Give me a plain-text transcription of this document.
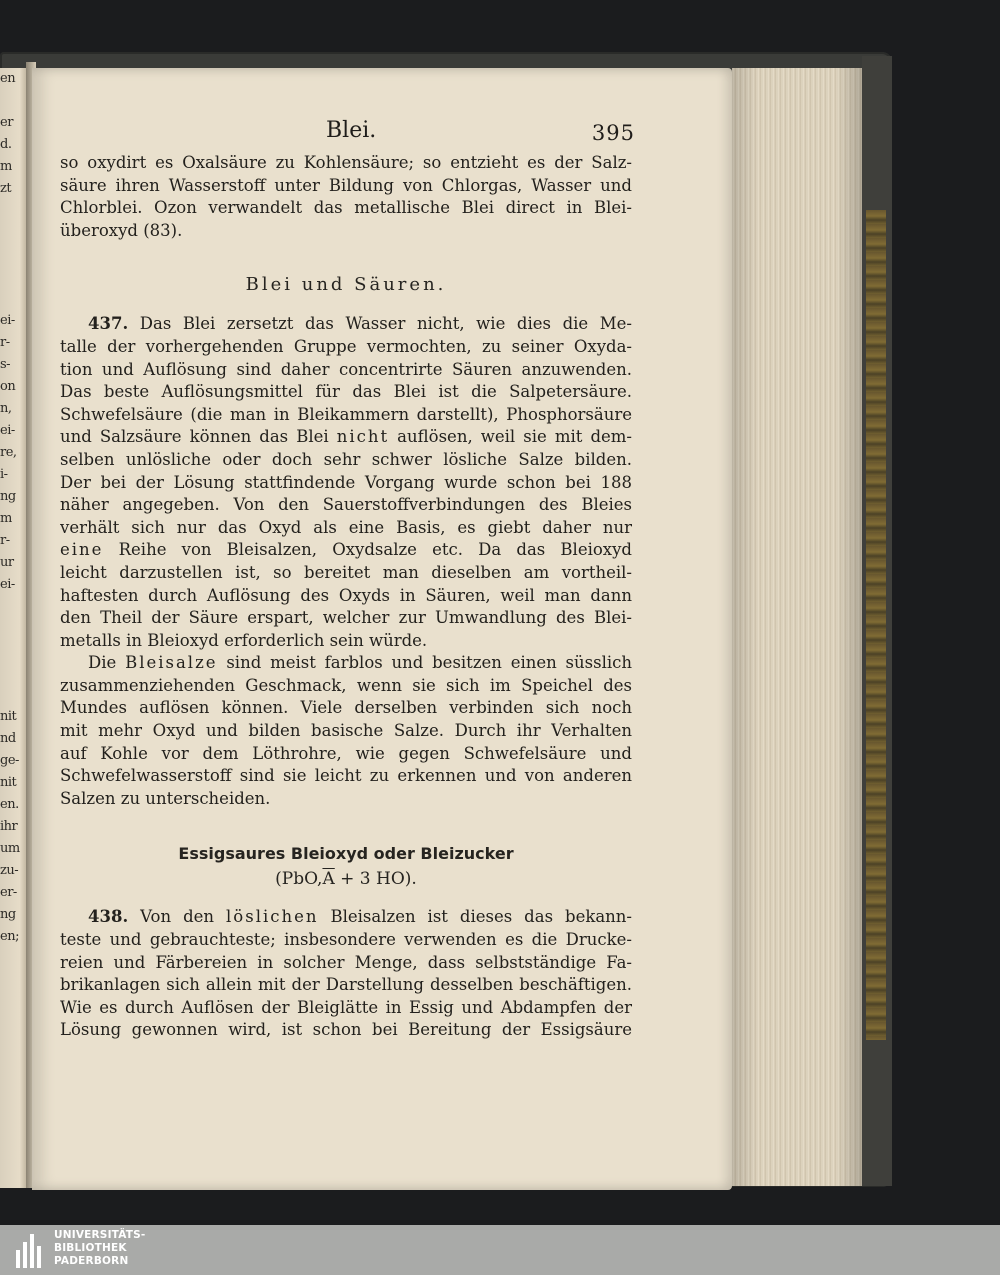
en
er
d.
m
zt
ei-
r-
s-
on
n,
ei-
re,
i-
ng
m
r-
ur
ei-
nit
nd
ge-
nit
en.
ihr
um
zu-
er-
ng
en;
Blei.	395
so oxydirt es Oxalsäure zu Kohlensäure; so entzieht es der Salz-
säure ihren Wasserstoff unter Bildung von Chlorgas, Wasser und
Chlorblei. Ozon verwandelt das metallische Blei direct in Blei-
überoxyd (83).
Blei und Säuren.
437. Das Blei zersetzt das Wasser nicht, wie dies die Me-
talle der vorhergehenden Gruppe vermochten, zu seiner Oxyda-
tion und Auflösung sind daher concentrirte Säuren anzuwenden.
Das beste Auflösungsmittel für das Blei ist die Salpetersäure.
Schwefelsäure (die man in Bleikammern darstellt), Phosphorsäure
und Salzsäure können das Blei nicht auflösen, weil sie mit dem-
selben unlösliche oder doch sehr schwer lösliche Salze bilden.
Der bei der Lösung stattfindende Vorgang wurde schon bei 188
näher angegeben. Von den Sauerstoffverbindungen des Bleies
verhält sich nur das Oxyd als eine Basis, es giebt daher nur
eine Reihe von Bleisalzen, Oxydsalze etc. Da das Bleioxyd
leicht darzustellen ist, so bereitet man dieselben am vortheil-
haftesten durch Auflösung des Oxyds in Säuren, weil man dann
den Theil der Säure erspart, welcher zur Umwandlung des Blei-
metalls in Bleioxyd erforderlich sein würde.
Die Bleisalze sind meist farblos und besitzen einen süsslich
zusammenziehenden Geschmack, wenn sie sich im Speichel des
Mundes auflösen können. Viele derselben verbinden sich noch
mit mehr Oxyd und bilden basische Salze. Durch ihr Verhalten
auf Kohle vor dem Löthrohre, wie gegen Schwefelsäure und
Schwefelwasserstoff sind sie leicht zu erkennen und von anderen
Salzen zu unterscheiden.
Essigsaures Bleioxyd oder Bleizucker
($PbO,\overline{A} + 3$ HO).
438. Von den löslichen Bleisalzen ist dieses das bekann-
teste und gebrauchteste; insbesondere verwenden es die Drucke-
reien und Färbereien in solcher Menge, dass selbstständige Fa-
brikanlagen sich allein mit der Darstellung desselben beschäftigen.
Wie es durch Auflösen der Bleiglätte in Essig und Abdampfen der
Lösung gewonnen wird, ist schon bei Bereitung der Essigsäure
UNIVERSITÄTS-
BIBLIOTHEK
PADERBORN
